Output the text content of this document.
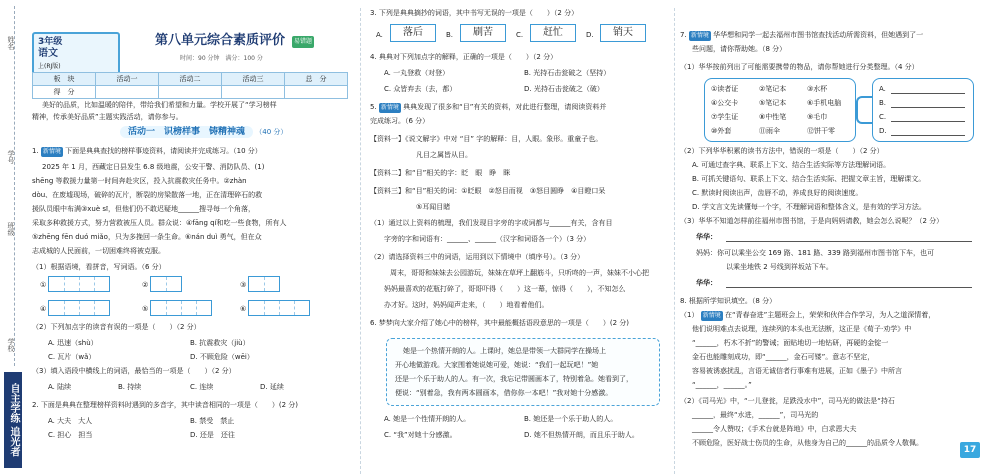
姓名
学号
班级
学校
自主学练 追光者
3年级
语文
上(RJ版)
第八单元综合素质评价	易错题
时间：90 分钟　满分：100 分
板　块	活动一	活动二	活动三	总　分
得　分				
美好的品质，比如温暖的陪伴，带给我们希望和力量。学校开展了“学习榜样
精神，传承美好品质”主题实践活动，请你参与。
活动一　识榜样事　铸精神魂 （40 分）
1. 新情境 下面是典典查找的榜样事迹资料，请阅读并完成练习。（10 分）
2025 年 1 月，西藏定日县发生 6.8 级地震，公安干警、消防队员、(1)
shēng 等救援力量第一时间奔赴灾区，投入抗震救灾任务中。②zhàn
dòu、在废墟现场，破碎的瓦片，断裂的房梁散落一地，正在清理碎石的救
援队员眼中布满③xuè sī，但他们仍不敢迟疑地______搜寻每一个角落，
采取多种救援方式，努力营救被压人员。群众说：④fāng qí和吃一些食物，所有人
⑤zhēng fēn duó miǎo，只为多挽回一条生命。⑥nán duì 勇气，但在众
志成城的人民面前，一切困难终将被克服。
（1）根据语境，看拼音，写词语。（6 分）
①	②	③
④	⑤	⑥
（2）下列加点字的读音有误的一项是（　　）（2 分）
A. 迅速（shù）	B. 抗震救灾（jiù）
C. 瓦片（wǎ）	D. 不顾危险（wēi）
（3）填入语段中横线上的词语，最恰当的一项是（　　）（2 分）
A. 陆续	B. 持续	C. 连续	D. 延续
2. 下面是典典在整理榜样资料时遇到的多音字，其中读音相同的一项是（　　）(2 分)
A. 大夫　大人	B. 禁受　禁止
C. 担心　担当	D. 还是　还往
3. 下列是典典摘抄的词语，其中书写无误的一项是（　　）（2 分）
A.	落后	B.	刷苦	C.	赶忙	D.	销天
4. 典典对下列加点字的解释，正确的一项是（　　）（2 分）
A. 一丸登救（对登）	B. 光持石击瓮破之（坚持）
C. 众皆弃去（去，都）	D. 光持石击瓮破之（破）
5. 新情境 典典发现了很多和“目”有关的资料，对此进行整理，请阅读资料并
完成练习。（6 分）
【资料一】《说文解字》中对 “目” 字的解释：目，人眼。象形。重童子也。
凡目之属皆从目。
【资料二】和“目”相关的字：眨　眼　睁　眯
【资料三】和“目”相关的词：①眨眼　②怒目而视　③怒目圆睁　④目瞪口呆
⑤耳闻目睹
（1）通过以上资料的梳理，我们发现目字旁的字或词都与______有关，含有目
字旁的字和词语有：______、______（汉字和词语各一个）（3 分）
（2）请选择资料三中的词语，运用到以下情境中（填序号）。（3 分）
周末，哥哥和妹妹去公园游玩，妹妹在草坪上翻筋斗，只听咚的一声，妹妹不小心把
妈妈最喜欢的花瓶打碎了，哥哥吓得（　　）这一幕，惊得（　　），不知怎么
办才好。这时，妈妈闻声走来，（　　）地看着他们。
6. 梦梦向大家介绍了她心中的榜样，其中最能概括语段意思的一项是（　　）(2 分)
她是一个热情开朗的人。上课时，她总是带领一大群同学在操场上
开心地做游戏。大家围着她说她可爱，她说：“我们一起玩吧！”她
还是一个乐于助人的人。有一次，我忘记带圆画本了，特别着急。她看到了，
便说：“别着急，我有两本圆画本，借你你一本吧！”我对她十分感激。
A. 她是一个性情开朗的人。	B. 她还是一个乐于助人的人。
C. “我”对她十分感激。	D. 她不但热情开朗，而且乐于助人。
7. 新情境 华华想和同学一起去福州市图书馆查找活动所需资料，但她遇到了一
些问题，请你帮助她。（8 分）
（1）华华按前列出了可能需要携带的物品，请你帮她进行分类整理。（4 分）
①读者证	②笔记本	③水杯
④公交卡	⑤笔记本	⑥手机电脑
⑦学生证	⑧中性笔	⑨毛巾
⑩外套	⑪雨伞	⑫饼干零
A.
B.
C.
D.
（2）下列华华积累的读书方法中，错误的一项是（　　）（2 分）
A. 可通过查字典、联系上下文、结合生活实际等方法理解词语。
B. 可抓关键语句、联系上下文、结合生活实际、把握文章主旨，理解课文。
C. 默读时阅读出声，齿唇不动，养成良好的阅读速度。
D. 学文言文先读懂每一个字，不理解词语和整体含义，是有效的学习方法。
（3）华华不知道怎样前往福州市图书馆，于是向妈妈请教，她会怎么说呢？（2 分）
华华：
妈妈：你可以乘坐公交 169 路、181 路、339 路到福州市图书馆下车，也可
以乘坐地铁 2 号线到祥坂站下车。
华华：
8. 根据所学知识填空。（8 分）
（1） 新情境 在“青春奋进”主题班会上，荣荣和伙伴合作学习，为人之道深情着，
他们说明难点去说理，连续列的本头也无法断，这正是《荀子·劝学》中
“______，朽木不折”的警诫；面贴地切一地钻研，再硬的金锭一
金石也能雕刻成功，即“______，金石可镂”。意志不坚定，
容易被诱惑扰乱，言语无诚信者行事难有进展，正如《墨子》中所言
“______，______。”
（2）《司马光》中，“一儿登瓮，足跌没水中”，司马光的做法是“持石
______，最终“水进，______”，司马光的
______令人赞叹；《手术台就是阵地》中，白求恩大夫
不顾危险，医好战士伤员的生命，从他身为自己的______的品质令人敬佩。
17
